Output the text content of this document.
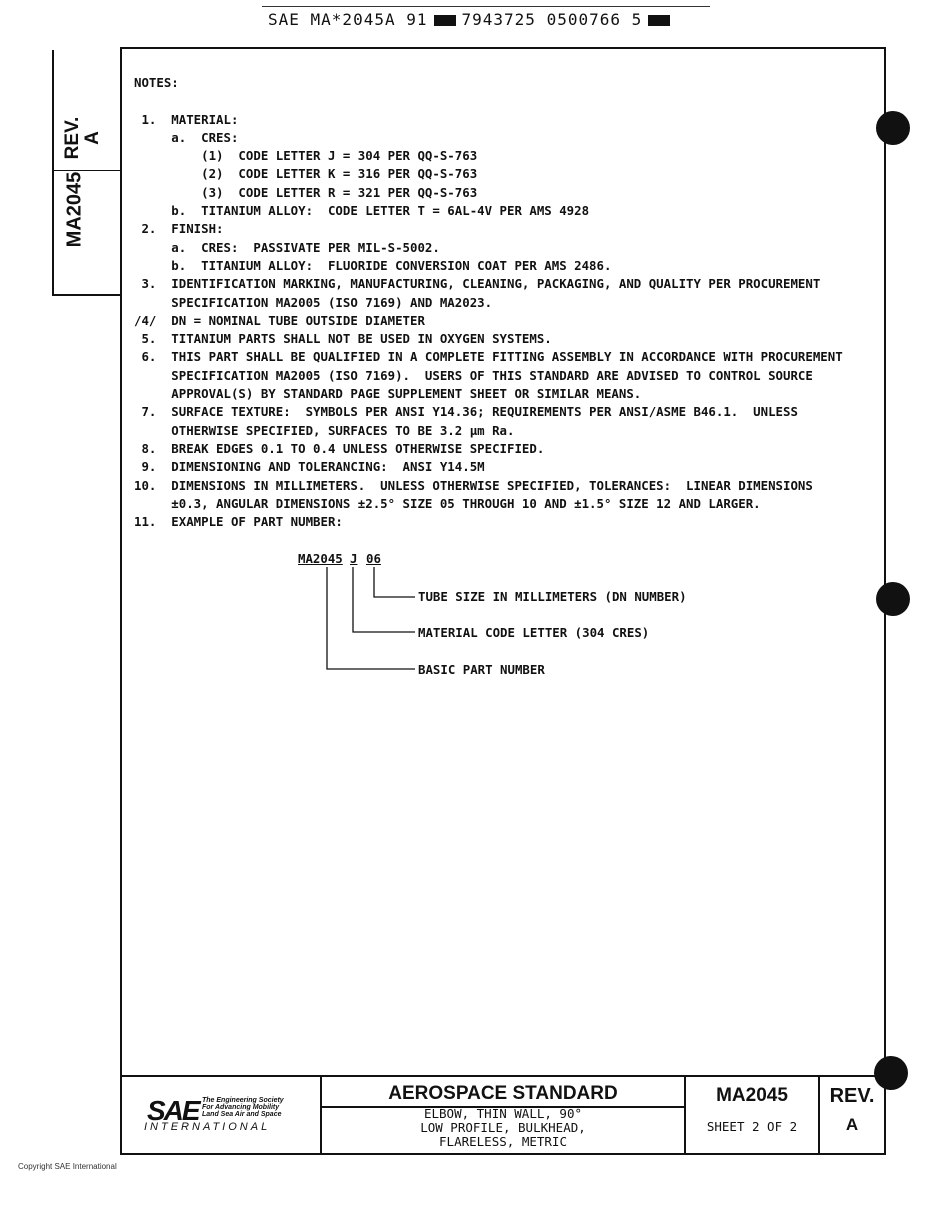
SAE MA*2045A 91 7943725 0500766 5
MA2045
REV. A
NOTES:
1.  MATERIAL:
a.  CRES:
(1)  CODE LETTER J = 304 PER QQ-S-763
(2)  CODE LETTER K = 316 PER QQ-S-763
(3)  CODE LETTER R = 321 PER QQ-S-763
b.  TITANIUM ALLOY:  CODE LETTER T = 6AL-4V PER AMS 4928
2.  FINISH:
a.  CRES:  PASSIVATE PER MIL-S-5002.
b.  TITANIUM ALLOY:  FLUORIDE CONVERSION COAT PER AMS 2486.
3.  IDENTIFICATION MARKING, MANUFACTURING, CLEANING, PACKAGING, AND QUALITY PER PROCUREMENT
SPECIFICATION MA2005 (ISO 7169) AND MA2023.
/4/  DN = NOMINAL TUBE OUTSIDE DIAMETER
5.  TITANIUM PARTS SHALL NOT BE USED IN OXYGEN SYSTEMS.
6.  THIS PART SHALL BE QUALIFIED IN A COMPLETE FITTING ASSEMBLY IN ACCORDANCE WITH PROCUREMENT
SPECIFICATION MA2005 (ISO 7169).  USERS OF THIS STANDARD ARE ADVISED TO CONTROL SOURCE
APPROVAL(S) BY STANDARD PAGE SUPPLEMENT SHEET OR SIMILAR MEANS.
7.  SURFACE TEXTURE:  SYMBOLS PER ANSI Y14.36; REQUIREMENTS PER ANSI/ASME B46.1.  UNLESS
OTHERWISE SPECIFIED, SURFACES TO BE 3.2 µm Ra.
8.  BREAK EDGES 0.1 TO 0.4 UNLESS OTHERWISE SPECIFIED.
9.  DIMENSIONING AND TOLERANCING:  ANSI Y14.5M
10.  DIMENSIONS IN MILLIMETERS.  UNLESS OTHERWISE SPECIFIED, TOLERANCES:  LINEAR DIMENSIONS
±0.3, ANGULAR DIMENSIONS ±2.5° SIZE 05 THROUGH 10 AND ±1.5° SIZE 12 AND LARGER.
11.  EXAMPLE OF PART NUMBER:
MA2045 J 06
TUBE SIZE IN MILLIMETERS (DN NUMBER)
MATERIAL CODE LETTER (304 CRES)
BASIC PART NUMBER
SAE The Engineering Society
For Advancing Mobility
Land Sea Air and Space
INTERNATIONAL
AEROSPACE STANDARD
ELBOW, THIN WALL, 90°
LOW PROFILE, BULKHEAD,
FLARELESS, METRIC
MA2045
SHEET 2 OF 2
REV.
A
Copyright SAE International
